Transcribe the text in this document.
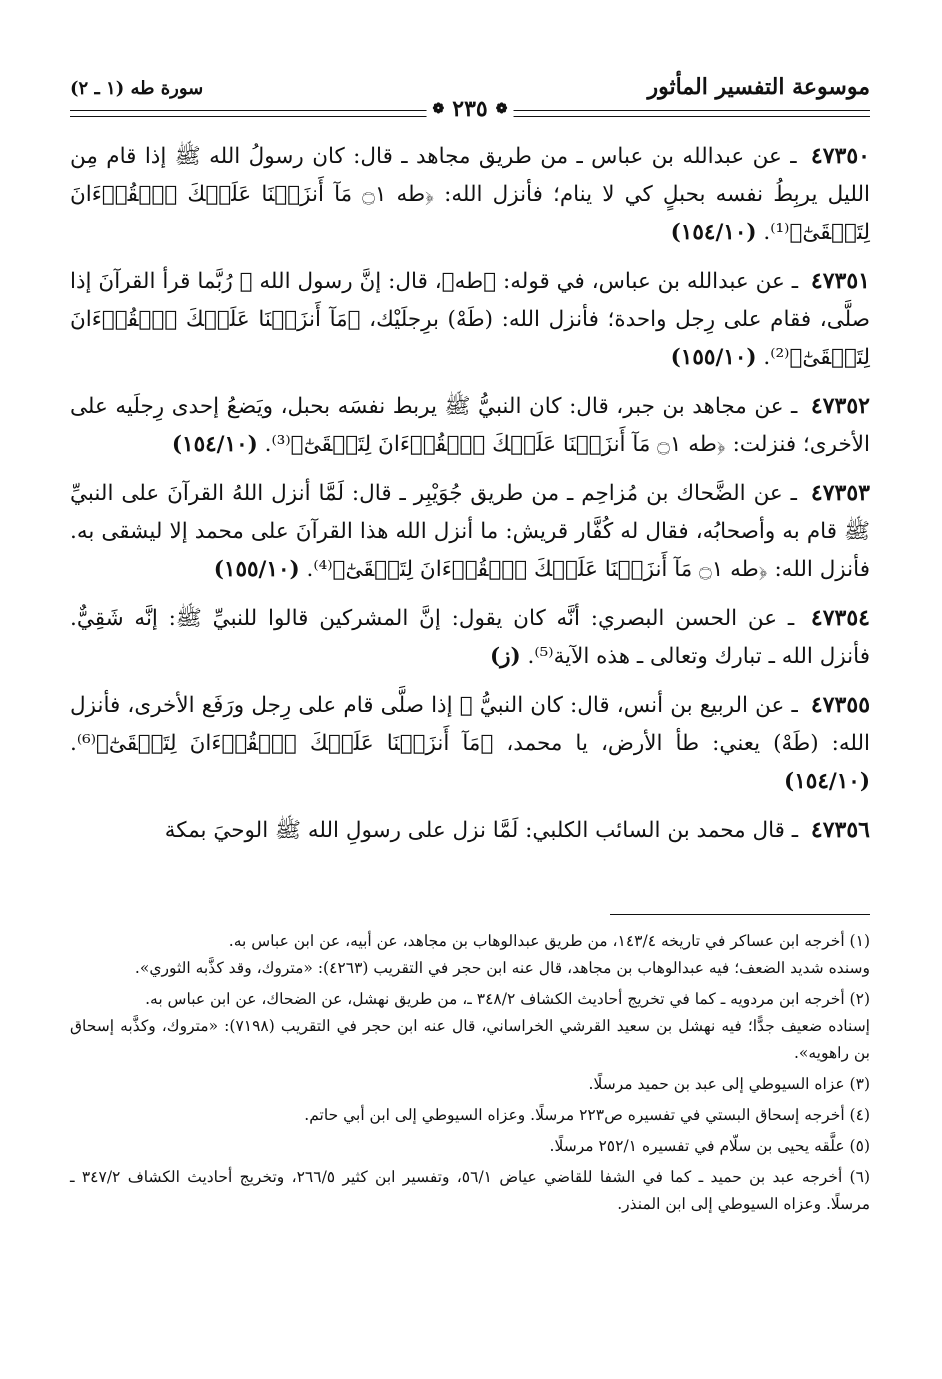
موسوعة التفسير المأثور
سورة طه (١ ـ ٢)
❁
٢٣٥
❁
٤٧٣٥٠ ـ عن عبدالله بن عباس ـ من طريق مجاهد ـ قال: كان رسولُ الله ﷺ إذا قام مِن الليل يربِطُ نفسه بحبلٍ كي لا ينام؛ فأنزل الله: ﴿طه ۝١ مَآ أَنزَلۡنَا عَلَيۡكَ ٱلۡقُرۡءَانَ لِتَشۡقَىٰٓ﴾⁽¹⁾. (١٥٤/١٠)
٤٧٣٥١ ـ عن عبدالله بن عباس، في قوله: ﴿طه﴾، قال: إنَّ رسول الله ﷺ رُبَّما قرأ القرآنَ إذا صلَّى، فقام على رِجل واحدة؛ فأنزل الله: (طَهْ) برِجلَيْك، ﴿مَآ أَنزَلۡنَا عَلَيۡكَ ٱلۡقُرۡءَانَ لِتَشۡقَىٰٓ﴾⁽²⁾. (١٥٥/١٠)
٤٧٣٥٢ ـ عن مجاهد بن جبر، قال: كان النبيُّ ﷺ يربط نفسَه بحبل، ويَضعُ إحدى رِجلَيه على الأخرى؛ فنزلت: ﴿طه ۝١ مَآ أَنزَلۡنَا عَلَيۡكَ ٱلۡقُرۡءَانَ لِتَشۡقَىٰٓ﴾⁽³⁾. (١٥٤/١٠)
٤٧٣٥٣ ـ عن الضَّحاك بن مُزاحِم ـ من طريق جُوَيْبِر ـ قال: لَمَّا أنزل اللهُ القرآنَ على النبيِّ ﷺ قام به وأصحابُه، فقال له كُفَّار قريش: ما أنزل الله هذا القرآنَ على محمد إلا ليشقى به. فأنزل الله: ﴿طه ۝١ مَآ أَنزَلۡنَا عَلَيۡكَ ٱلۡقُرۡءَانَ لِتَشۡقَىٰٓ﴾⁽⁴⁾. (١٥٥/١٠)
٤٧٣٥٤ ـ عن الحسن البصري: أنَّه كان يقول: إنَّ المشركين قالوا للنبيِّ ﷺ: إنَّه شَقِيٌّ. فأنزل الله ـ تبارك وتعالى ـ هذه الآية⁽⁵⁾. (ز)
٤٧٣٥٥ ـ عن الربيع بن أنس، قال: كان النبيُّ ﷺ إذا صلَّى قام على رِجل ورَفَع الأخرى، فأنزل الله: (طَهْ) يعني: طأ الأرض، يا محمد، ﴿مَآ أَنزَلۡنَا عَلَيۡكَ ٱلۡقُرۡءَانَ لِتَشۡقَىٰٓ﴾⁽⁶⁾. (١٥٤/١٠)
٤٧٣٥٦ ـ قال محمد بن السائب الكلبي: لَمَّا نزل على رسولِ الله ﷺ الوحيَ بمكة
(١) أخرجه ابن عساكر في تاريخه ١٤٣/٤، من طريق عبدالوهاب بن مجاهد، عن أبيه، عن ابن عباس به.
وسنده شديد الضعف؛ فيه عبدالوهاب بن مجاهد، قال عنه ابن حجر في التقريب (٤٢٦٣): «متروك، وقد كذَّبه الثوري».
(٢) أخرجه ابن مردويه ـ كما في تخريج أحاديث الكشاف ٣٤٨/٢ ـ، من طريق نهشل، عن الضحاك، عن ابن عباس به.
إسناده ضعيف جدًّا؛ فيه نهشل بن سعيد القرشي الخراساني، قال عنه ابن حجر في التقريب (٧١٩٨): «متروك، وكذَّبه إسحاق بن راهويه».
(٣) عزاه السيوطي إلى عبد بن حميد مرسلًا.
(٤) أخرجه إسحاق البستي في تفسيره ص٢٢٣ مرسلًا. وعزاه السيوطي إلى ابن أبي حاتم.
(٥) علَّقه يحيى بن سلّام في تفسيره ٢٥٢/١ مرسلًا.
(٦) أخرجه عبد بن حميد ـ كما في الشفا للقاضي عياض ٥٦/١، وتفسير ابن كثير ٢٦٦/٥، وتخريج أحاديث الكشاف ٣٤٧/٢ ـ مرسلًا. وعزاه السيوطي إلى ابن المنذر.
